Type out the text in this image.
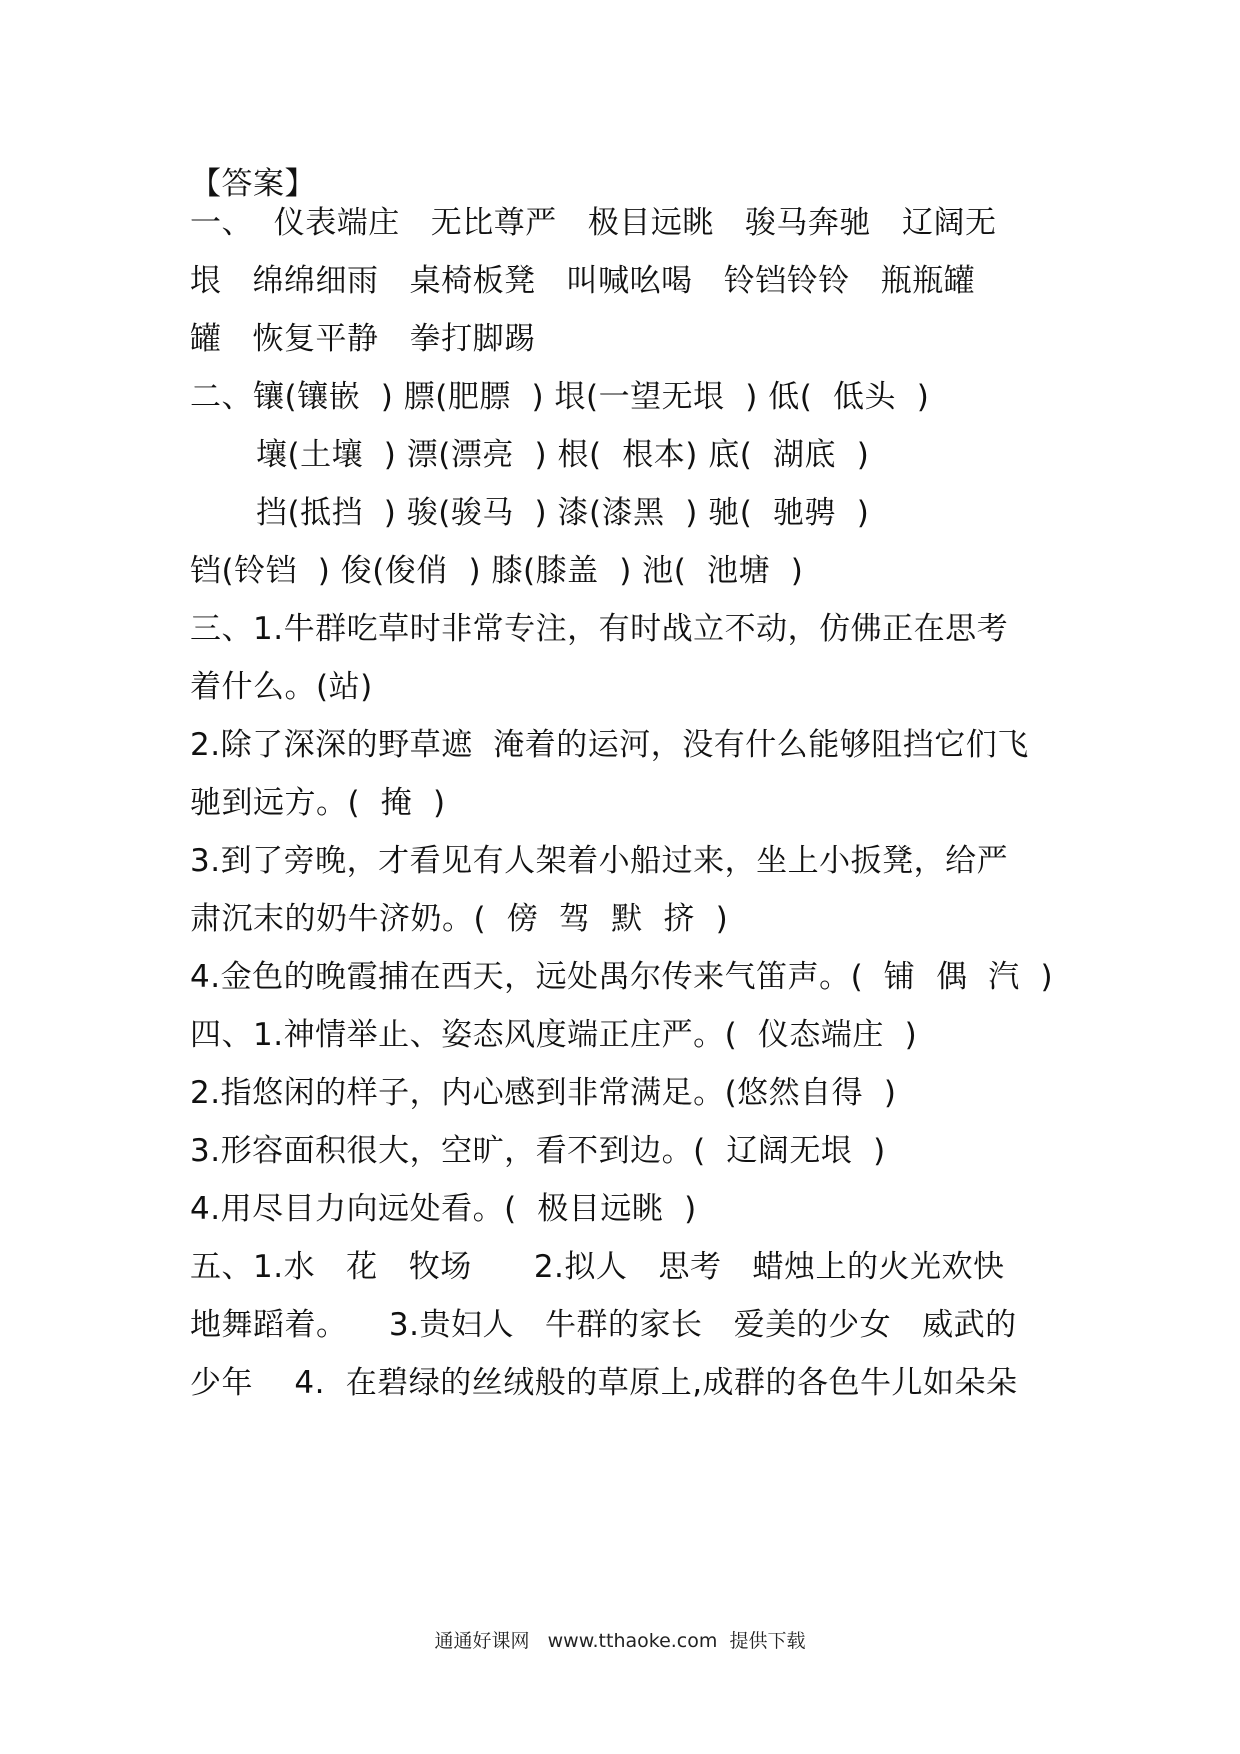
【答案】
一、  仪表端庄   无比尊严   极目远眺   骏马奔驰   辽阔无
垠   绵绵细雨   桌椅板凳   叫喊吆喝   铃铛铃铃   瓶瓶罐
罐   恢复平静   拳打脚踢
二、镶(镶嵌  ) 膘(肥膘  ) 垠(一望无垠  ) 低(  低头  )
壤(土壤  ) 漂(漂亮  ) 根(  根本) 底(  湖底  )
挡(抵挡  ) 骏(骏马  ) 漆(漆黑  ) 驰(  驰骋  )
铛(铃铛  ) 俊(俊俏  ) 膝(膝盖  ) 池(  池塘  )
三、1.牛群吃草时非常专注，有时战立不动，仿佛正在思考
着什么。(站)
2.除了深深的野草遮  淹着的运河，没有什么能够阻挡它们飞
驰到远方。(  掩  )
3.到了旁晚，才看见有人架着小船过来，坐上小扳凳，给严
肃沉末的奶牛济奶。(  傍  驾  默  挤  )
4.金色的晚霞捕在西天，远处禺尔传来气笛声。(  铺  偶  汽  )
四、1.神情举止、姿态风度端正庄严。(  仪态端庄  )
2.指悠闲的样子，内心感到非常满足。(悠然自得  )
3.形容面积很大，空旷，看不到边。(  辽阔无垠  )
4.用尽目力向远处看。(  极目远眺  )
五、1.水   花   牧场      2.拟人   思考   蜡烛上的火光欢快
地舞蹈着。    3.贵妇人   牛群的家长   爱美的少女   威武的
少年    4.  在碧绿的丝绒般的草原上,成群的各色牛儿如朵朵
通通好课网   www.tthaoke.com  提供下载
